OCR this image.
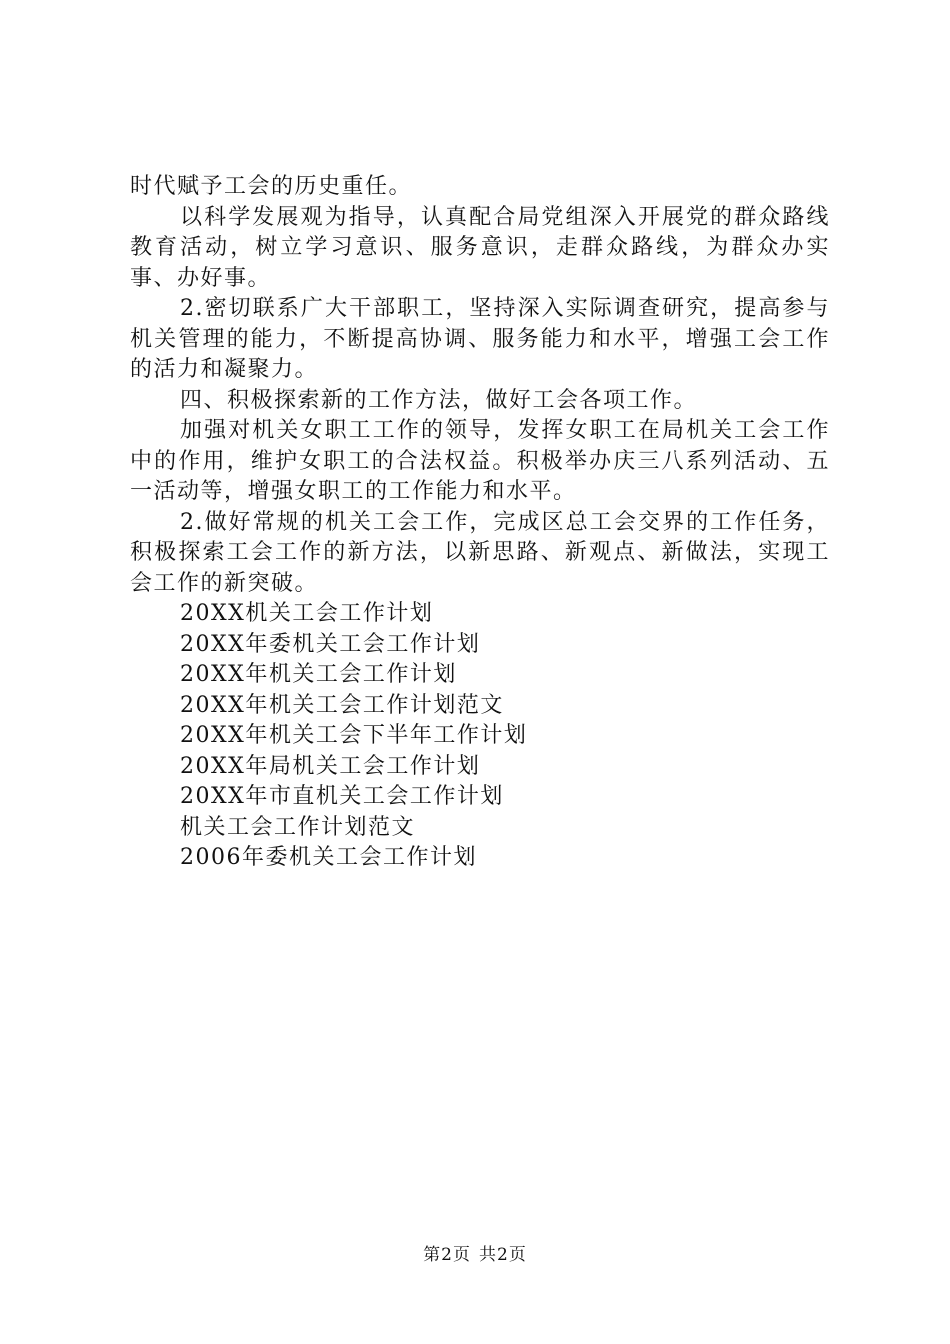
时代赋予工会的历史重任。

以科学发展观为指导，认真配合局党组深入开展党的群众路线教育活动，树立学习意识、服务意识，走群众路线，为群众办实事、办好事。

2.密切联系广大干部职工，坚持深入实际调查研究，提高参与机关管理的能力，不断提高协调、服务能力和水平，增强工会工作的活力和凝聚力。

四、积极探索新的工作方法，做好工会各项工作。

加强对机关女职工工作的领导，发挥女职工在局机关工会工作中的作用，维护女职工的合法权益。积极举办庆三八系列活动、五一活动等，增强女职工的工作能力和水平。

2.做好常规的机关工会工作，完成区总工会交界的工作任务，积极探索工会工作的新方法，以新思路、新观点、新做法，实现工会工作的新突破。

20XX机关工会工作计划
20XX年委机关工会工作计划
20XX年机关工会工作计划
20XX年机关工会工作计划范文
20XX年机关工会下半年工作计划
20XX年局机关工会工作计划
20XX年市直机关工会工作计划
机关工会工作计划范文
2006年委机关工会工作计划
第2页 共2页
